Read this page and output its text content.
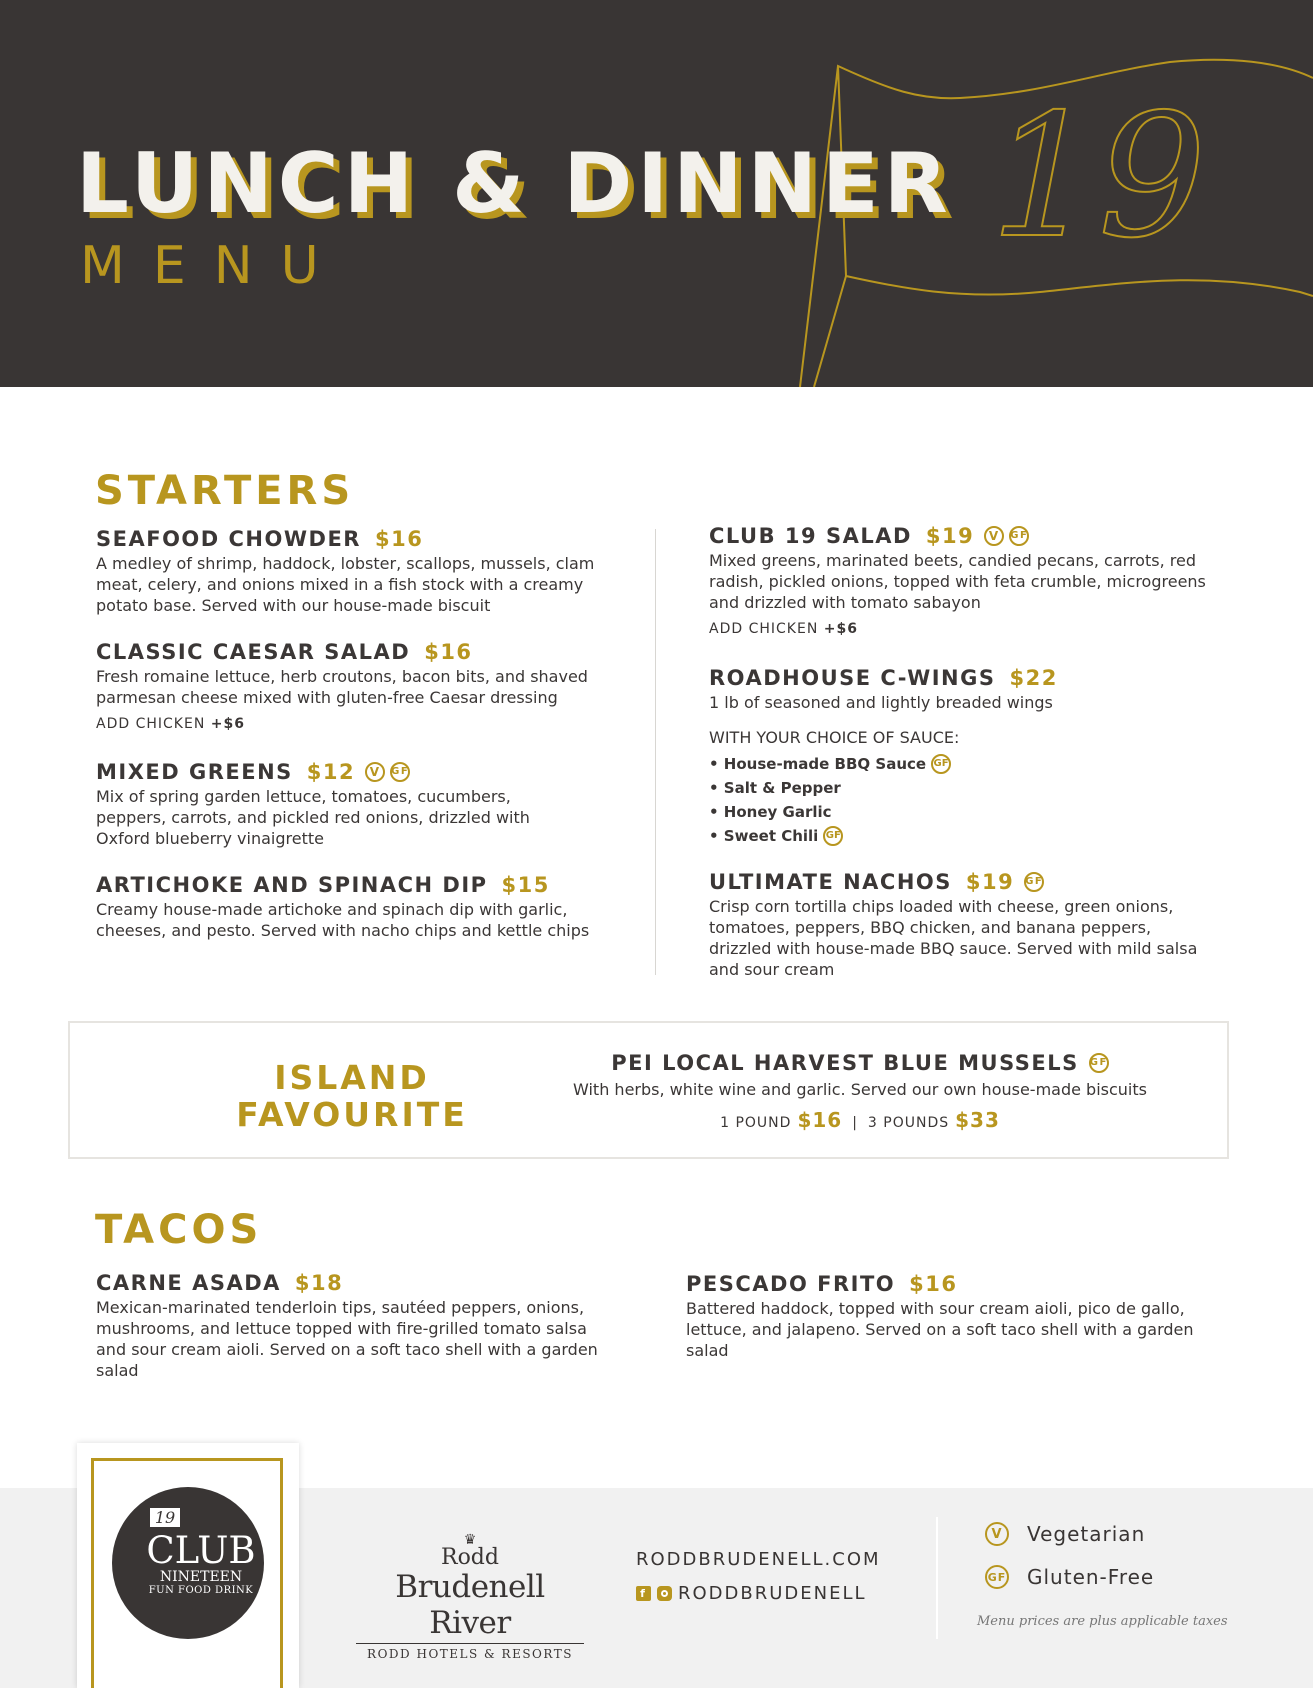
19
LUNCH & DINNER
MENU
STARTERS
SEAFOOD CHOWDER $16
A medley of shrimp, haddock, lobster, scallops, mussels, clam meat, celery, and onions mixed in a fish stock with a creamy potato base. Served with our house-made biscuit
CLASSIC CAESAR SALAD $16
Fresh romaine lettuce, herb croutons, bacon bits, and shaved parmesan cheese mixed with gluten-free Caesar dressing
ADD CHICKEN +$6
MIXED GREENS $12	V	GF
Mix of spring garden lettuce, tomatoes, cucumbers, peppers, carrots, and pickled red onions, drizzled with Oxford blueberry vinaigrette
ARTICHOKE AND SPINACH DIP $15
Creamy house-made artichoke and spinach dip with garlic, cheeses, and pesto. Served with nacho chips and kettle chips
CLUB 19 SALAD $19	V	GF
Mixed greens, marinated beets, candied pecans, carrots, red radish, pickled onions, topped with feta crumble, microgreens and drizzled with tomato sabayon
ADD CHICKEN +$6
ROADHOUSE C-WINGS $22
1 lb of seasoned and lightly breaded wings
WITH YOUR CHOICE OF SAUCE:
• House-made BBQ Sauce GF
• Salt & Pepper
• Honey Garlic
• Sweet Chili GF
ULTIMATE NACHOS $19 GF
Crisp corn tortilla chips loaded with cheese, green onions, tomatoes, peppers, BBQ chicken, and banana peppers, drizzled with house-made BBQ sauce. Served with mild salsa and sour cream
ISLAND
FAVOURITE
PEI LOCAL HARVEST BLUE MUSSELS GF
With herbs, white wine and garlic. Served our own house-made biscuits
1 POUND $16 | 3 POUNDS $33
TACOS
CARNE ASADA $18
Mexican-marinated tenderloin tips, sautéed peppers, onions, mushrooms, and lettuce topped with fire-grilled tomato salsa and sour cream aioli. Served on a soft taco shell with a garden salad
PESCADO FRITO $16
Battered haddock, topped with sour cream aioli, pico de gallo, lettuce, and jalapeno. Served on a soft taco shell with a garden salad
19
CLUB
NINETEEN
FUN FOOD DRINK
♛
Rodd
Brudenell River
RODD HOTELS & RESORTS
RODDBRUDENELL.COM
f RODDBRUDENELL
V	Vegetarian
GF Gluten-Free
Menu prices are plus applicable taxes
